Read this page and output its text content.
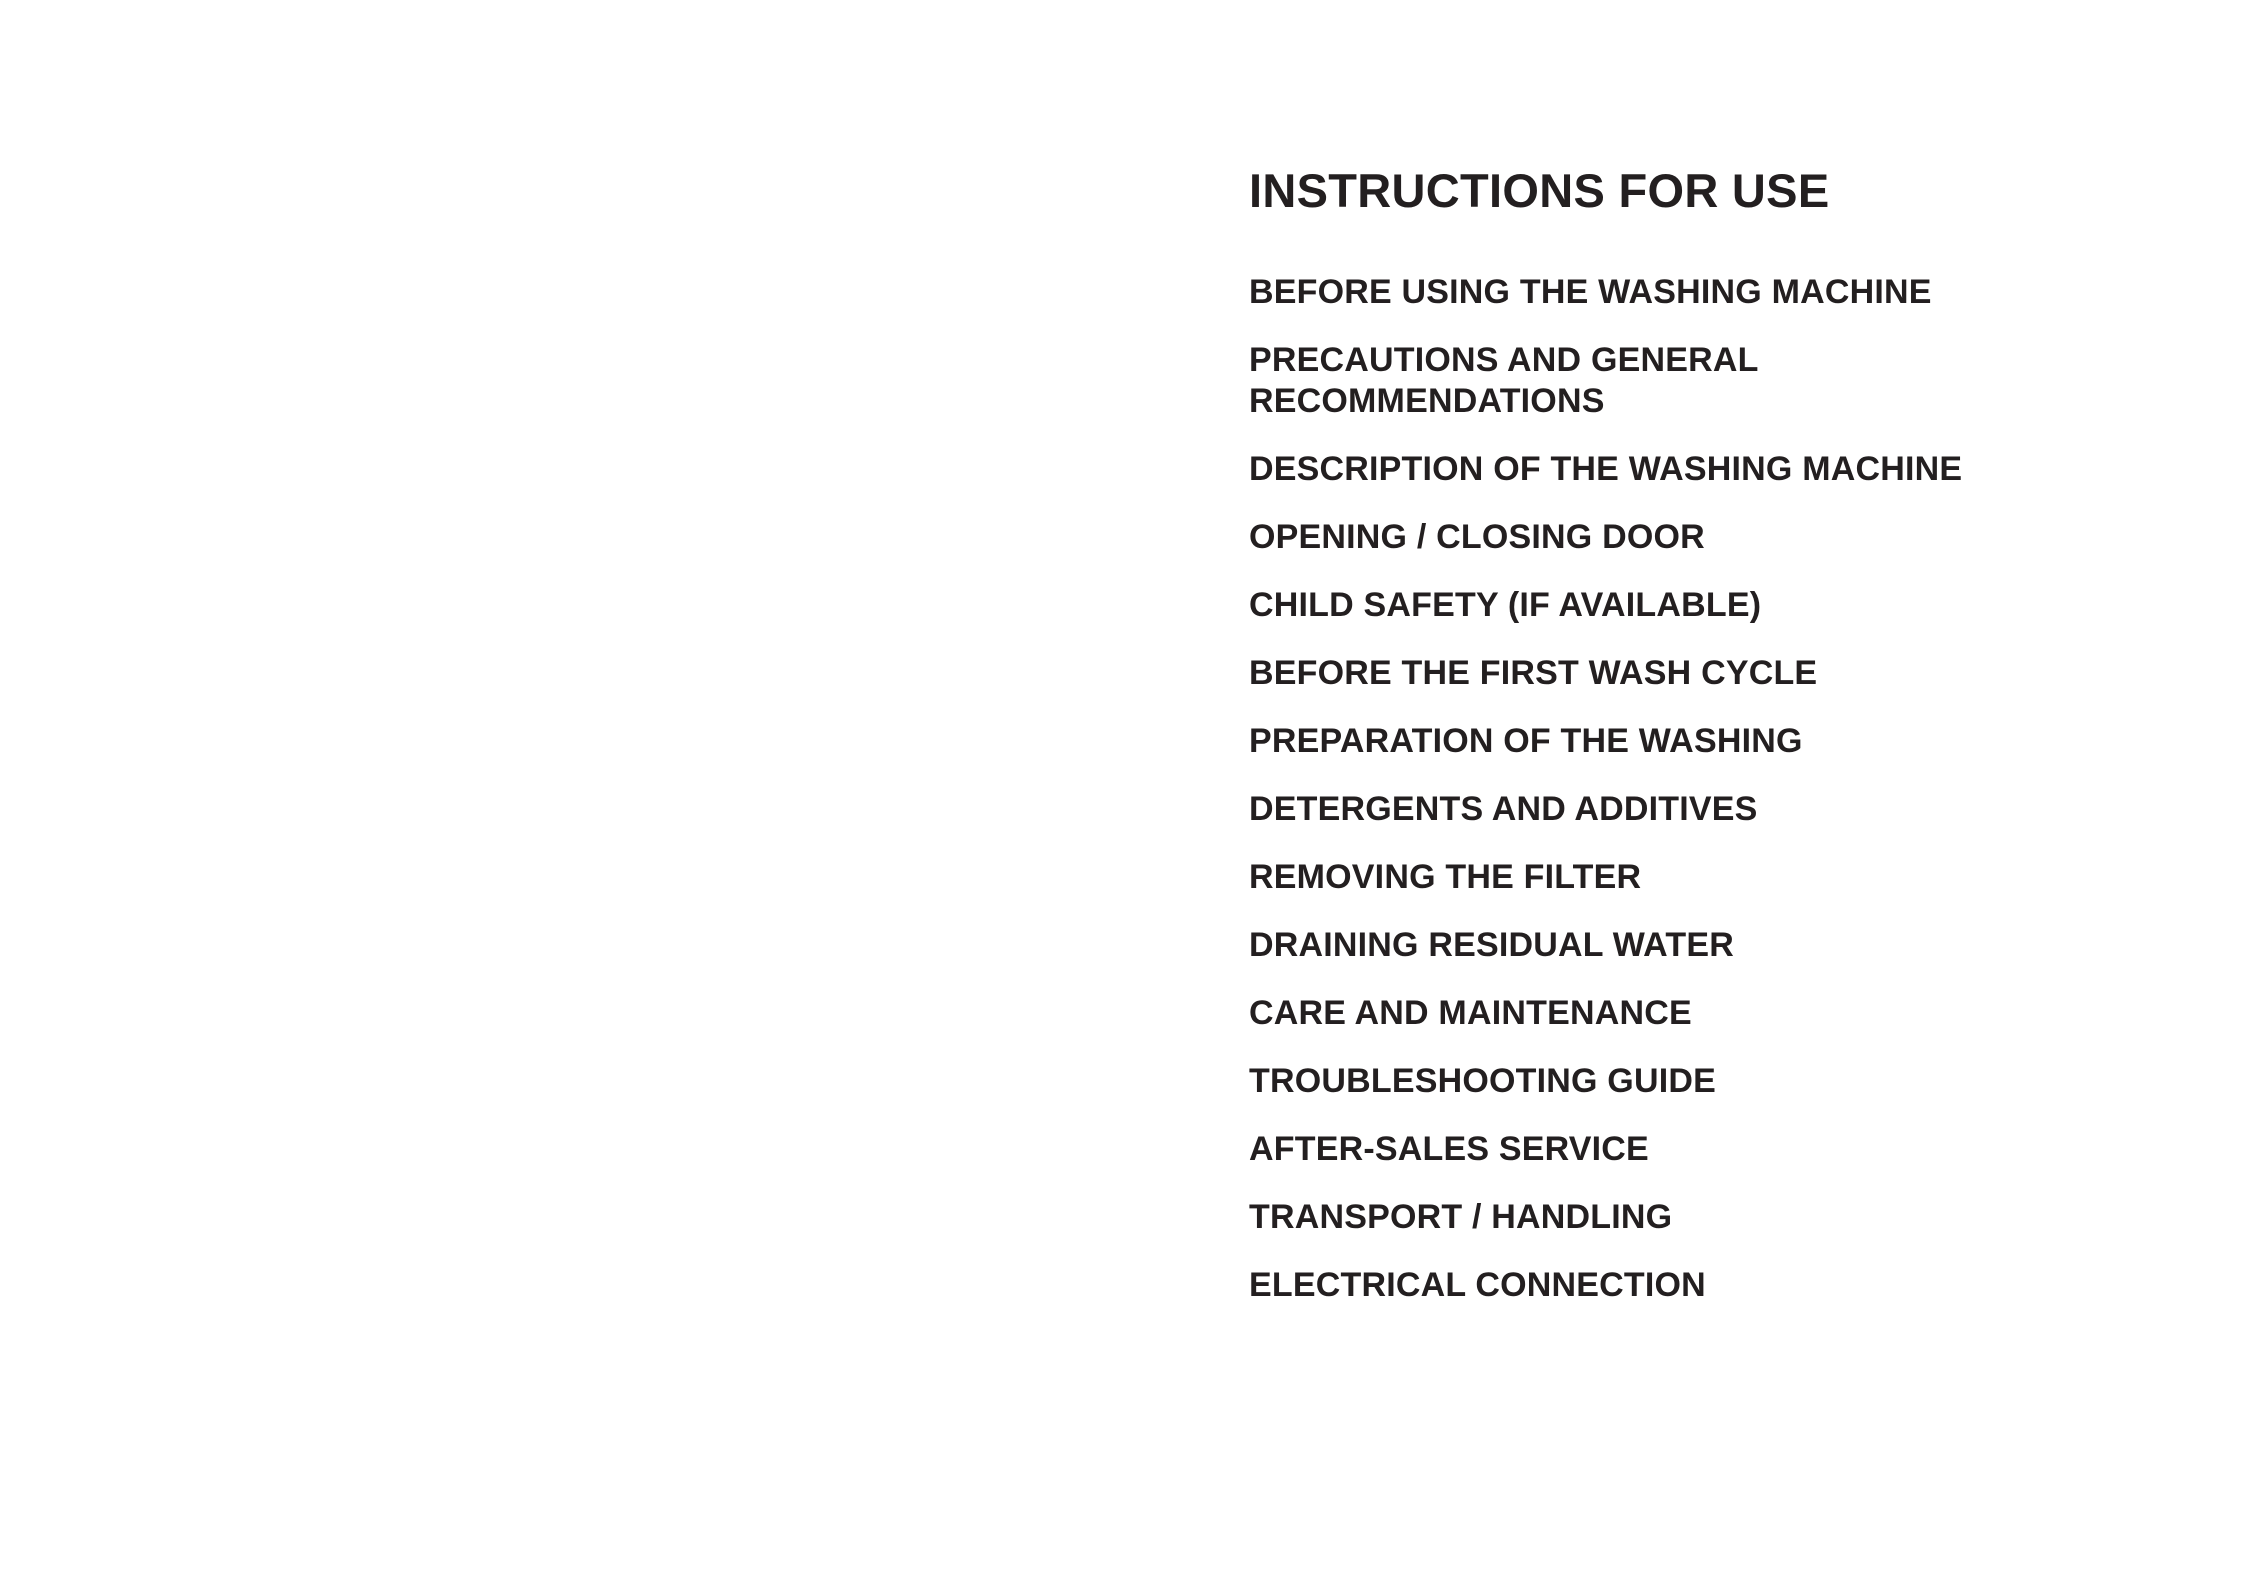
INSTRUCTIONS FOR USE
BEFORE USING THE WASHING MACHINE
PRECAUTIONS AND GENERAL RECOMMENDATIONS
DESCRIPTION OF THE WASHING MACHINE
OPENING / CLOSING DOOR
CHILD SAFETY (IF AVAILABLE)
BEFORE THE FIRST WASH CYCLE
PREPARATION OF THE WASHING
DETERGENTS AND ADDITIVES
REMOVING THE FILTER
DRAINING RESIDUAL WATER
CARE AND MAINTENANCE
TROUBLESHOOTING GUIDE
AFTER-SALES SERVICE
TRANSPORT / HANDLING
ELECTRICAL CONNECTION
